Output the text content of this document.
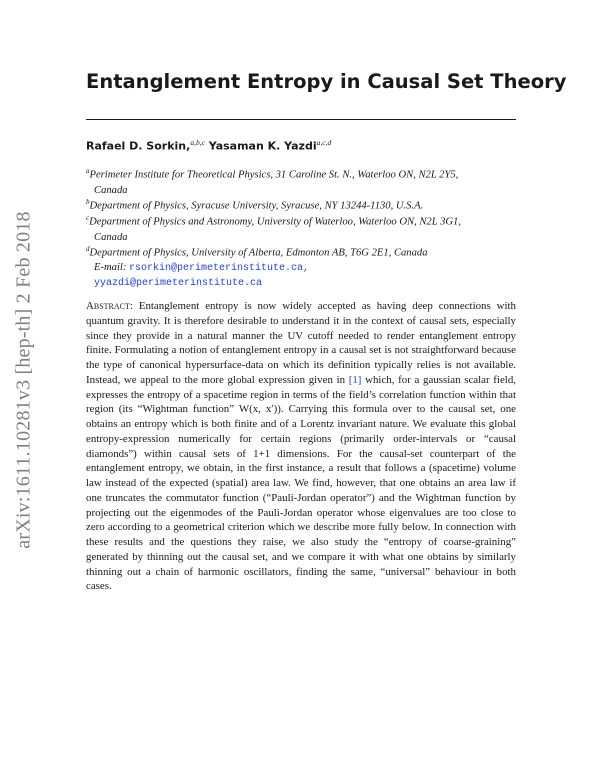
arXiv:1611.10281v3 [hep-th] 2 Feb 2018
Entanglement Entropy in Causal Set Theory
Rafael D. Sorkin,$^{a,b,c}$ Yasaman K. Yazdi$^{a,c,d}$
$^a$Perimeter Institute for Theoretical Physics, 31 Caroline St. N., Waterloo ON, N2L 2Y5,
Canada
$^b$Department of Physics, Syracuse University, Syracuse, NY 13244-1130, U.S.A.
$^c$Department of Physics and Astronomy, University of Waterloo, Waterloo ON, N2L 3G1,
Canada
$^d$Department of Physics, University of Alberta, Edmonton AB, T6G 2E1, Canada
E-mail: rsorkin@perimeterinstitute.ca,
yyazdi@perimeterinstitute.ca
Abstract: Entanglement entropy is now widely accepted as having deep connections with quantum gravity. It is therefore desirable to understand it in the context of causal sets, especially since they provide in a natural manner the UV cutoff needed to render entanglement entropy finite. Formulating a notion of entanglement entropy in a causal set is not straightforward because the type of canonical hypersurface-data on which its definition typically relies is not available. Instead, we appeal to the more global expression given in [1] which, for a gaussian scalar field, expresses the entropy of a spacetime region in terms of the field’s correlation function within that region (its “Wightman function” W(x, x′)). Carrying this formula over to the causal set, one obtains an entropy which is both finite and of a Lorentz invariant nature. We evaluate this global entropy-expression numerically for certain regions (primarily order-intervals or “causal diamonds”) within causal sets of 1+1 dimensions. For the causal-set counterpart of the entanglement entropy, we obtain, in the first instance, a result that follows a (spacetime) volume law instead of the expected (spatial) area law. We find, however, that one obtains an area law if one truncates the commutator function (“Pauli-Jordan operator”) and the Wightman function by projecting out the eigenmodes of the Pauli-Jordan operator whose eigenvalues are too close to zero according to a geometrical criterion which we describe more fully below. In connection with these results and the questions they raise, we also study the “entropy of coarse-graining” generated by thinning out the causal set, and we compare it with what one obtains by similarly thinning out a chain of harmonic oscillators, finding the same, “universal” behaviour in both cases.
